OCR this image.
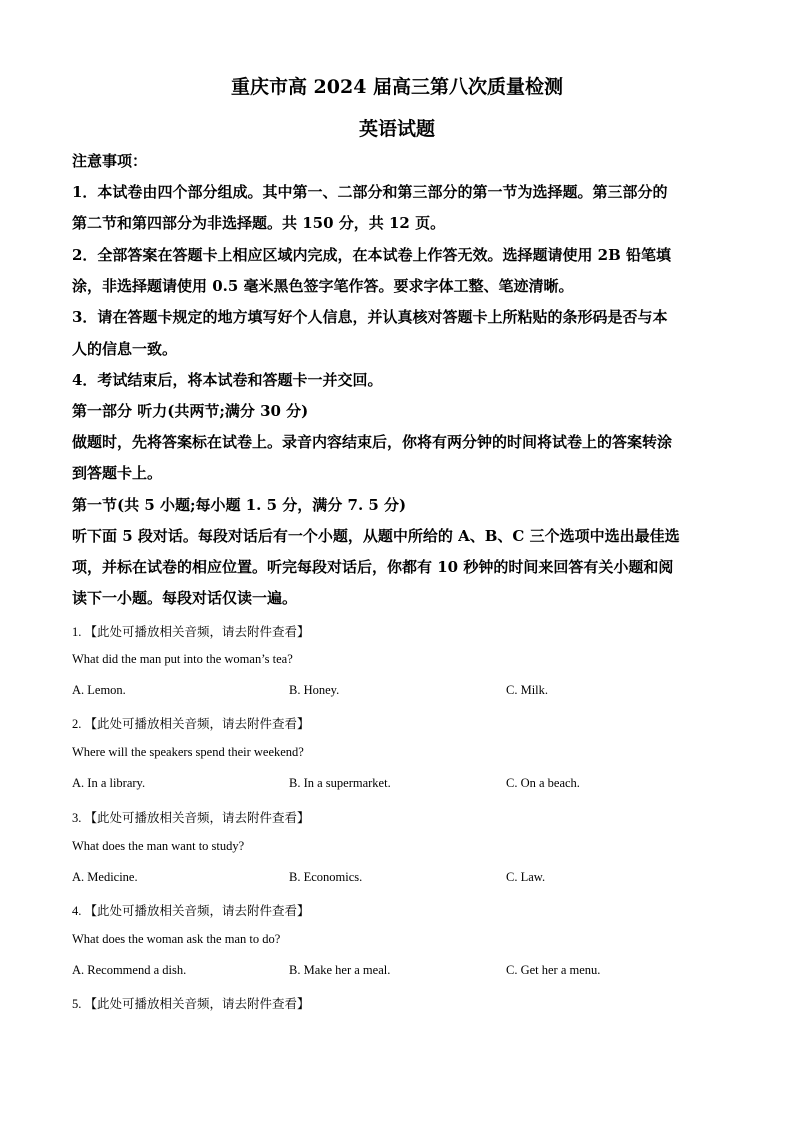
重庆市高 2024 届高三第八次质量检测
英语试题
注意事项：
1．本试卷由四个部分组成。其中第一、二部分和第三部分的第一节为选择题。第三部分的
第二节和第四部分为非选择题。共 150 分，共 12 页。
2．全部答案在答题卡上相应区域内完成，在本试卷上作答无效。选择题请使用 2B 铅笔填
涂，非选择题请使用 0.5 毫米黑色签字笔作答。要求字体工整、笔迹清晰。
3．请在答题卡规定的地方填写好个人信息，并认真核对答题卡上所粘贴的条形码是否与本
人的信息一致。
4．考试结束后，将本试卷和答题卡一并交回。
第一部分 听力(共两节;满分 30 分)
做题时，先将答案标在试卷上。录音内容结束后，你将有两分钟的时间将试卷上的答案转涂
到答题卡上。
第一节(共 5 小题;每小题 1. 5 分，满分 7. 5 分)
听下面 5 段对话。每段对话后有一个小题，从题中所给的 A、B、C 三个选项中选出最佳选
项，并标在试卷的相应位置。听完每段对话后，你都有 10 秒钟的时间来回答有关小题和阅
读下一小题。每段对话仅读一遍。
1. 【此处可播放相关音频，请去附件查看】
What did the man put into the woman’s tea?
A. Lemon.	B. Honey.	C. Milk.
2. 【此处可播放相关音频，请去附件查看】
Where will the speakers spend their weekend?
A. In a library.	B. In a supermarket.	C. On a beach.
3. 【此处可播放相关音频，请去附件查看】
What does the man want to study?
A. Medicine.	B. Economics.	C. Law.
4. 【此处可播放相关音频，请去附件查看】
What does the woman ask the man to do?
A. Recommend a dish.	B. Make her a meal.	C. Get her a menu.
5. 【此处可播放相关音频，请去附件查看】
